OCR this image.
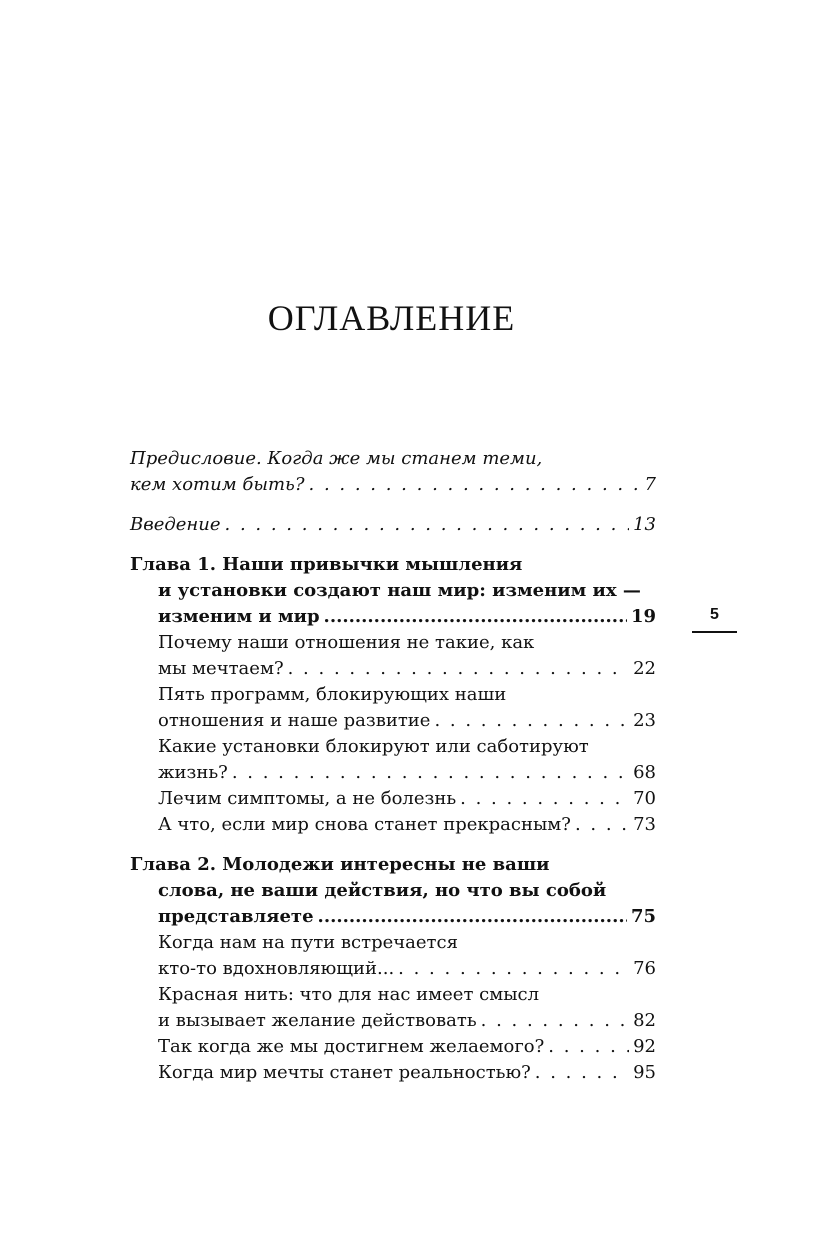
ОГЛАВЛЕНИЕ
Предисловие. Когда же мы станем теми,
кем хотим быть? . . .	7
Введение . . .	13
Глава 1. Наши привычки мышления
и установки создают наш мир: изменим их —
изменим и мир .....	19
Почему наши отношения не такие, как
мы мечтаем? . . .	22
Пять программ, блокирующих наши
отношения и наше развитие . . .	23
Какие установки блокируют или саботируют
жизнь? . . .	68
Лечим симптомы, а не болезнь . . .	70
А что, если мир снова станет прекрасным? . . .	73
Глава 2. Молодежи интересны не ваши
слова, не ваши действия, но что вы собой
представляете .....	75
Когда нам на пути встречается
кто-то вдохновляющий... . . .	76
Красная нить: что для нас имеет смысл
и вызывает желание действовать . . .	82
Так когда же мы достигнем желаемого? . . .	92
Когда мир мечты станет реальностью? . . .	95
5
